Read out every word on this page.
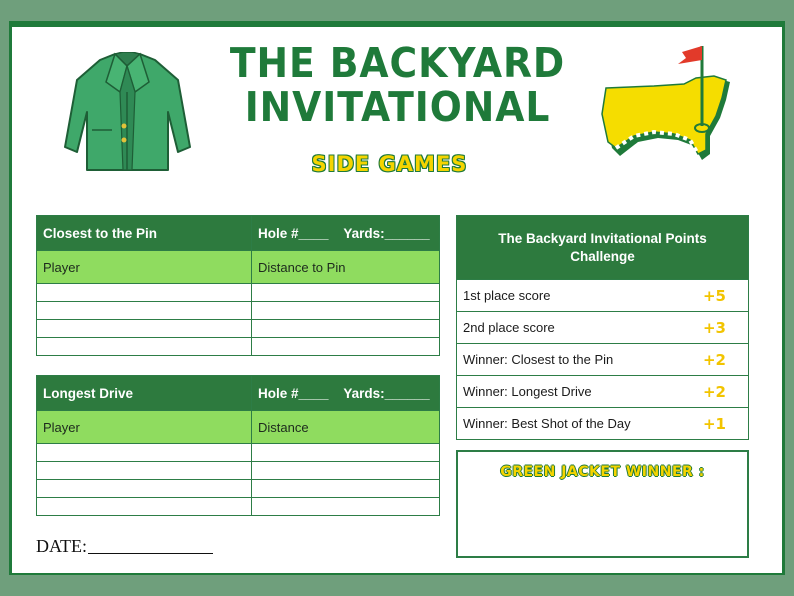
THE BACKYARD
INVITATIONAL
SIDE GAMES
Closest to the Pin	Hole #____ Yards:______
Player	Distance to Pin

Longest Drive	Hole #____ Yards:______
Player	Distance

DATE:
The Backyard Invitational Points Challenge
1st place score	+5
2nd place score	+3
Winner: Closest to the Pin	+2
Winner: Longest Drive	+2
Winner: Best Shot of the Day	+1
GREEN JACKET WINNER :
